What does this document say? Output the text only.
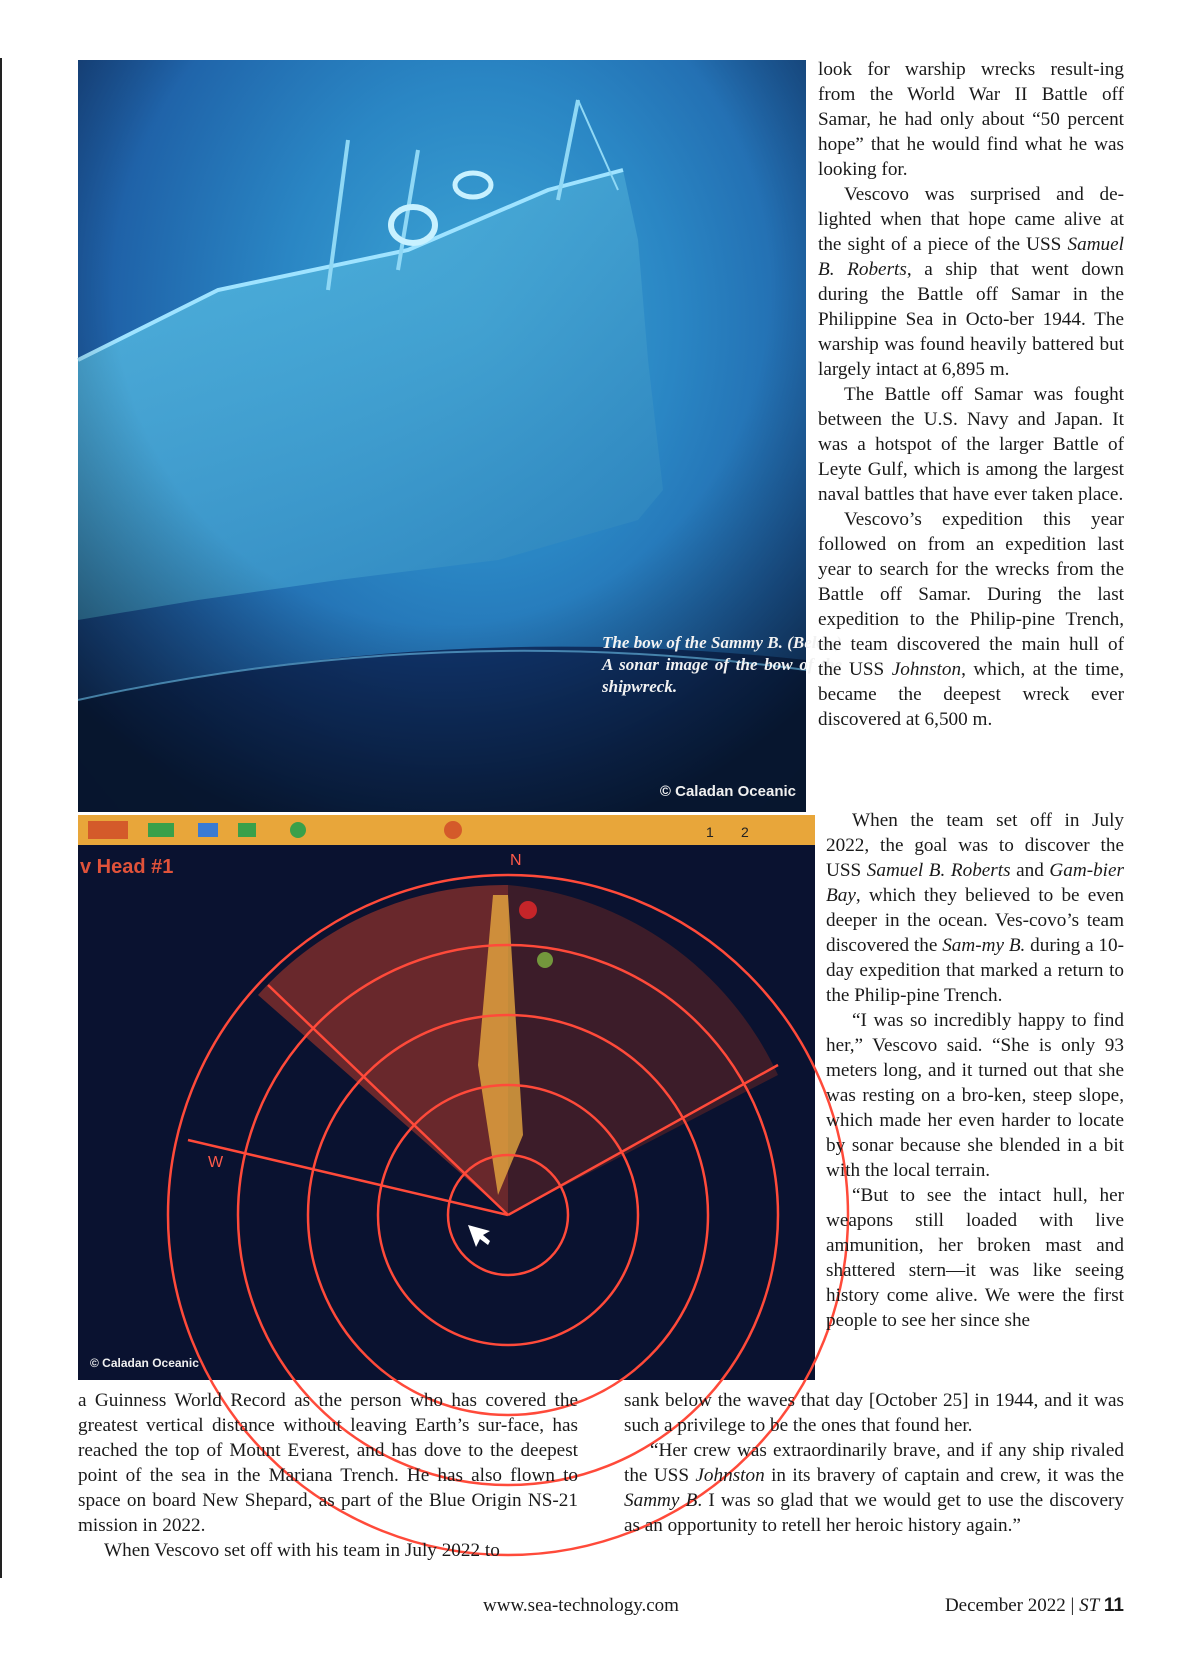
The bow of the Sammy B. (Below) A sonar image of the bow of the shipwreck.
© Caladan Oceanic
1 2
v Head #1	N
W
© Caladan Oceanic

look for warship wrecks result-ing from the World War II Battle off Samar, he had only about “50 percent hope” that he would find what he was looking for.

Vescovo was surprised and de-lighted when that hope came alive at the sight of a piece of the USS Samuel B. Roberts, a ship that went down during the Battle off Samar in the Philippine Sea in Octo-ber 1944. The warship was found heavily battered but largely intact at 6,895 m.

The Battle off Samar was fought between the U.S. Navy and Japan. It was a hotspot of the larger Battle of Leyte Gulf, which is among the largest naval battles that have ever taken place.

Vescovo’s expedition this year followed on from an expedition last year to search for the wrecks from the Battle off Samar. During the last expedition to the Philip-pine Trench, the team discovered the main hull of the USS Johnston, which, at the time, became the deepest wreck ever discovered at 6,500 m.

When the team set off in July 2022, the goal was to discover the USS Samuel B. Roberts and Gam-bier Bay, which they believed to be even deeper in the ocean. Ves-covo’s team discovered the Sam-my B. during a 10-day expedition that marked a return to the Philip-pine Trench.

“I was so incredibly happy to find her,” Vescovo said. “She is only 93 meters long, and it turned out that she was resting on a bro-ken, steep slope, which made her even harder to locate by sonar because she blended in a bit with the local terrain.

“But to see the intact hull, her weapons still loaded with live ammunition, her broken mast and shattered stern—it was like seeing history come alive. We were the first people to see her since she

a Guinness World Record as the person who has covered the greatest vertical distance without leaving Earth’s sur-face, has reached the top of Mount Everest, and has dove to the deepest point of the sea in the Mariana Trench. He has also flown to space on board New Shepard, as part of the Blue Origin NS-21 mission in 2022.

When Vescovo set off with his team in July 2022 to

sank below the waves that day [October 25] in 1944, and it was such a privilege to be the ones that found her.

“Her crew was extraordinarily brave, and if any ship rivaled the USS Johnston in its bravery of captain and crew, it was the Sammy B. I was so glad that we would get to use the discovery as an opportunity to retell her heroic history again.”

www.sea-technology.com	December 2022 | ST 11
